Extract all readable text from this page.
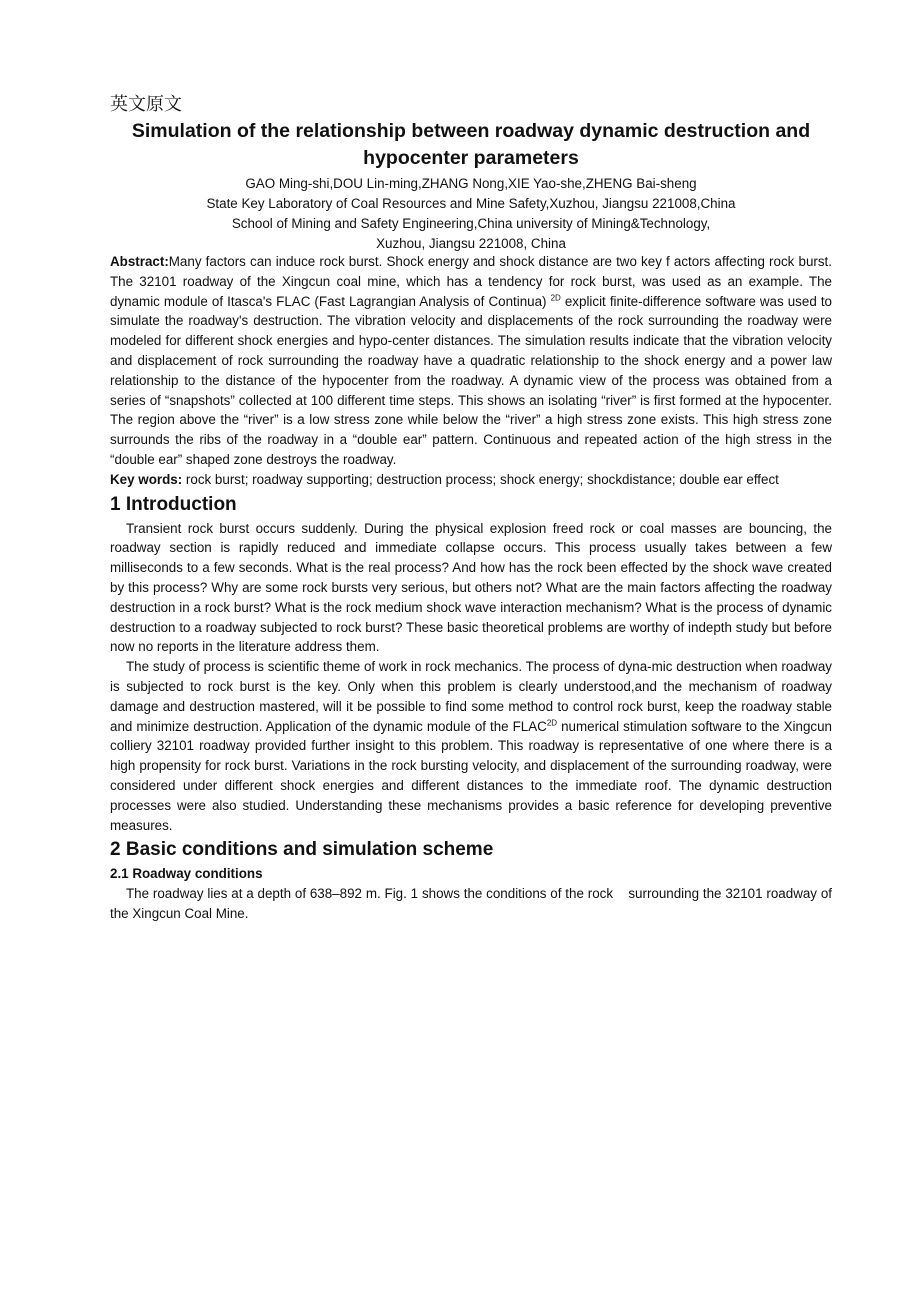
英文原文
Simulation of the relationship between roadway dynamic destruction and hypocenter parameters
GAO Ming-shi,DOU Lin-ming,ZHANG Nong,XIE Yao-she,ZHENG Bai-sheng
State Key Laboratory of Coal Resources and Mine Safety,Xuzhou, Jiangsu 221008,China
School of Mining and Safety Engineering,China university of Mining&Technology,
Xuzhou, Jiangsu 221008, China

Abstract:Many factors can induce rock burst. Shock energy and shock distance are two key f actors affecting rock burst. The 32101 roadway of the Xingcun coal mine, which has a tendency for rock burst, was used as an example. The dynamic module of Itasca's FLAC (Fast Lagrangian Analysis of Continua) $^{2D}$ explicit finite-difference software was used to simulate the roadway's destruction. The vibration velocity and displacements of the rock surrounding the roadway were modeled for different shock energies and hypo-center distances. The simulation results indicate that the vibration velocity and displacement of rock surrounding the roadway have a quadratic relationship to the shock energy and a power law relationship to the distance of the hypocenter from the roadway. A dynamic view of the process was obtained from a series of “snapshots” collected at 100 different time steps. This shows an isolating “river” is first formed at the hypocenter. The region above the “river” is a low stress zone while below the “river” a high stress zone exists. This high stress zone surrounds the ribs of the roadway in a “double ear” pattern. Continuous and repeated action of the high stress in the “double ear” shaped zone destroys the roadway.

Key words: rock burst; roadway supporting; destruction process; shock energy; shockdistance; double ear effect

1 Introduction

Transient rock burst occurs suddenly. During the physical explosion freed rock or coal masses are bouncing, the roadway section is rapidly reduced and immediate collapse occurs. This process usually takes between a few milliseconds to a few seconds. What is the real process? And how has the rock been effected by the shock wave created by this process? Why are some rock bursts very serious, but others not? What are the main factors affecting the roadway destruction in a rock burst? What is the rock medium shock wave interaction mechanism? What is the process of dynamic destruction to a roadway subjected to rock burst? These basic theoretical problems are worthy of indepth study but before now no reports in the literature address them.

The study of process is scientific theme of work in rock mechanics. The process of dyna-mic destruction when roadway is subjected to rock burst is the key. Only when this problem is clearly understood,and the mechanism of roadway damage and destruction mastered, will it be possible to find some method to control rock burst, keep the roadway stable and minimize destruction. Application of the dynamic module of the $FLAC^{2D}$ numerical stimulation software to the Xingcun colliery 32101 roadway provided further insight to this problem. This roadway is representative of one where there is a high propensity for rock burst. Variations in the rock bursting velocity, and displacement of the surrounding roadway, were considered under different shock energies and different distances to the immediate roof. The dynamic destruction processes were also studied. Understanding these mechanisms provides a basic reference for developing preventive measures.

2 Basic conditions and simulation scheme
2.1 Roadway conditions

The roadway lies at a depth of 638–892 m. Fig. 1 shows the conditions of the rock    surrounding the 32101 roadway of the Xingcun Coal Mine.
